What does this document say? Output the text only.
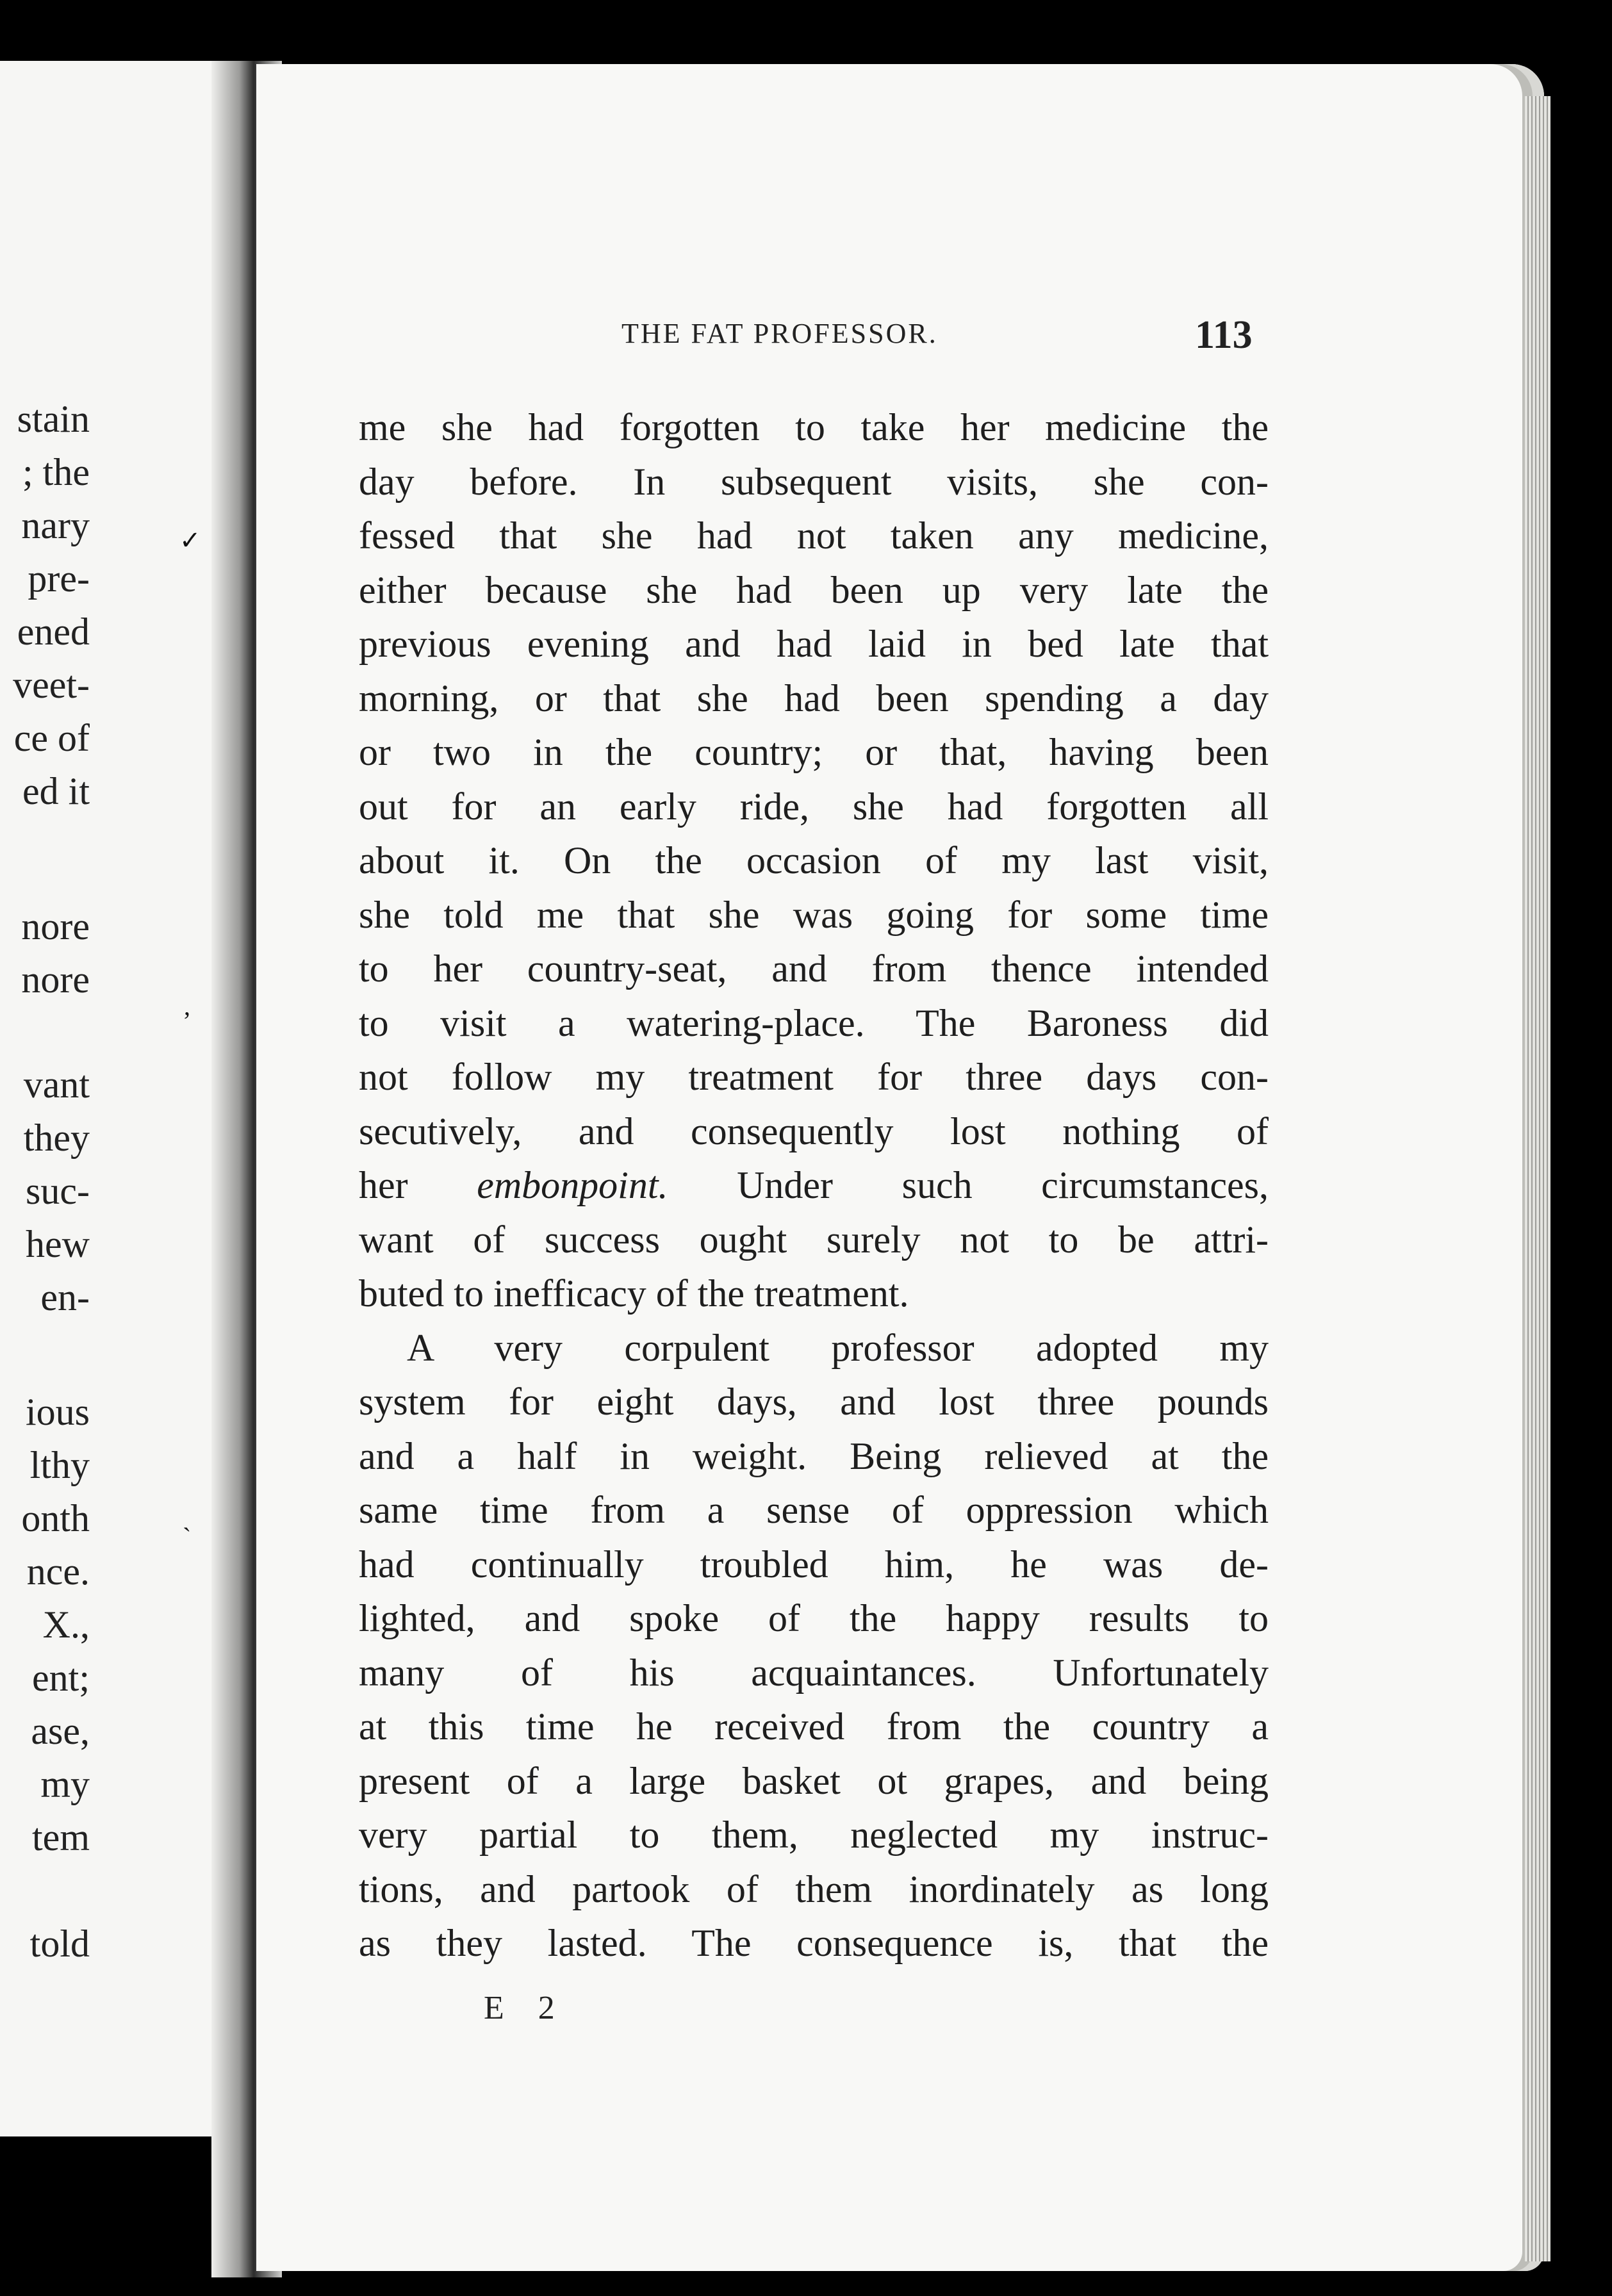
stain
; the
nary
pre-
ened
veet-
ce of
ed it
nore
nore
vant
they
suc-
hew
en-
ious
lthy
onth
nce.
X.,
ent;
ase,
my
tem
told
✓
ʼ
ˎ
THE FAT PROFESSOR.	113
me she had forgotten to take her medicine the
day before. In subsequent visits, she con-
fessed that she had not taken any medicine,
either because she had been up very late the
previous evening and had laid in bed late that
morning, or that she had been spending a day
or two in the country; or that, having been
out for an early ride, she had forgotten all
about it. On the occasion of my last visit,
she told me that she was going for some time
to her country-seat, and from thence intended
to visit a watering-place. The Baroness did
not follow my treatment for three days con-
secutively, and consequently lost nothing of
her embonpoint. Under such circumstances,
want of success ought surely not to be attri-
buted to inefficacy of the treatment.
A very corpulent professor adopted my
system for eight days, and lost three pounds
and a half in weight. Being relieved at the
same time from a sense of oppression which
had continually troubled him, he was de-
lighted, and spoke of the happy results to
many of his acquaintances. Unfortunately
at this time he received from the country a
present of a large basket ot grapes, and being
very partial to them, neglected my instruc-
tions, and partook of them inordinately as long
as they lasted. The consequence is, that the
E 2
